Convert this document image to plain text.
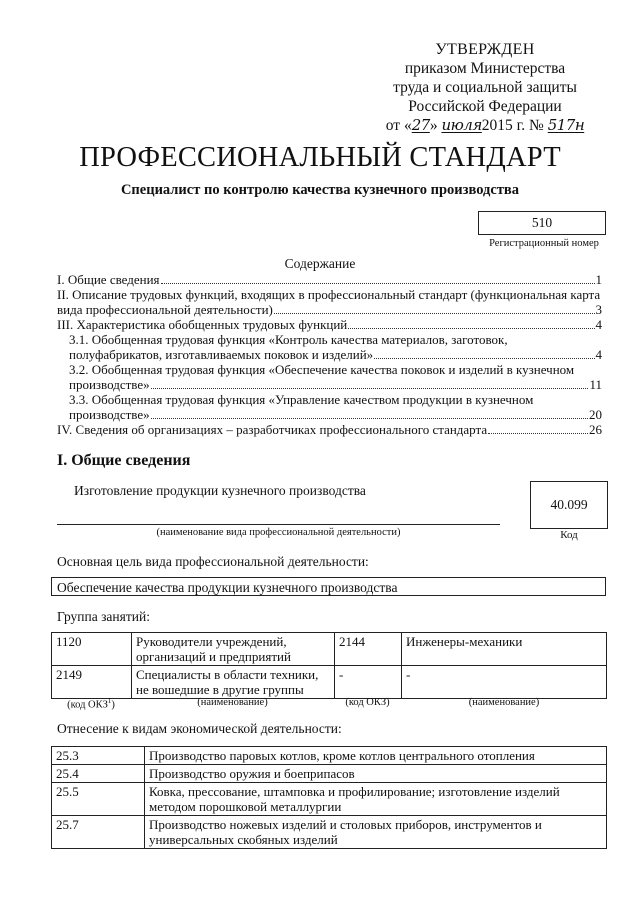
УТВЕРЖДЕН
приказом Министерства
труда и социальной защиты
Российской Федерации
от «27» июля2015 г. № 517н
ПРОФЕССИОНАЛЬНЫЙ СТАНДАРТ
Специалист по контролю качества кузнечного производства
510
Регистрационный номер
Содержание
I. Общие сведения	1
II. Описание трудовых функций, входящих в профессиональный стандарт (функциональная карта
вида профессиональной деятельности)	3
III. Характеристика обобщенных трудовых функций	4
3.1. Обобщенная трудовая функция «Контроль качества материалов, заготовок,
полуфабрикатов, изготавливаемых поковок и изделий»	4
3.2. Обобщенная трудовая функция «Обеспечение качества поковок и изделий в кузнечном
производстве»	11
3.3. Обобщенная трудовая функция «Управление качеством продукции в кузнечном
производстве»	20
IV. Сведения об организациях – разработчиках профессионального стандарта	26
I. Общие сведения
Изготовление продукции кузнечного производства
(наименование вида профессиональной деятельности)
40.099
Код
Основная цель вида профессиональной деятельности:
Обеспечение качества продукции кузнечного производства
Группа занятий:
1120	Руководители учреждений,
организаций и предприятий	2144	Инженеры-механики
2149	Специалисты в области техники,
не вошедшие в другие группы	-	-
(код ОКЗ$^1$)	(наименование)	(код ОКЗ)	(наименование)
Отнесение к видам экономической деятельности:
25.3	Производство паровых котлов, кроме котлов центрального отопления
25.4	Производство оружия и боеприпасов
25.5	Ковка, прессование, штамповка и профилирование; изготовление изделий
методом порошковой металлургии
25.7	Производство ножевых изделий и столовых приборов, инструментов и
универсальных скобяных изделий
